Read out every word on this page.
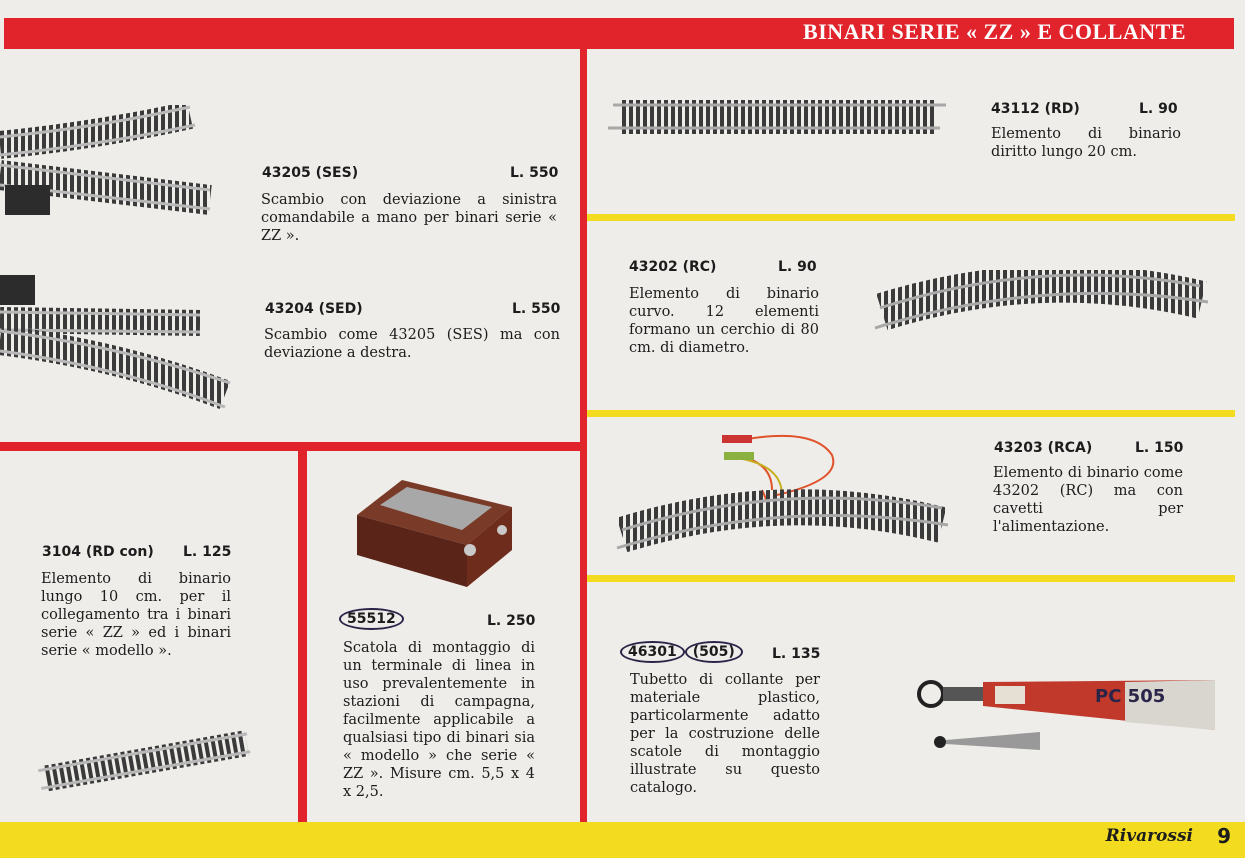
BINARI SERIE « ZZ » E COLLANTE
43205 (SES)	L. 550
Scambio con deviazione a sinistra comandabile a mano per binari serie « ZZ ».
43204 (SED)	L. 550
Scambio come 43205 (SES) ma con deviazione a destra.
3104 (RD con) L. 125
Elemento di binario lungo 10 cm. per il collegamento tra i binari serie « ZZ » ed i binari serie « modello ».
55512	L. 250
Scatola di montaggio di un terminale di linea in uso prevalentemente in stazioni di campagna, facilmente applicabile a qualsiasi tipo di binari sia « modello » che serie « ZZ ». Misure cm. 5,5 x 4 x 2,5.
43112 (RD)	L. 90
Elemento di binario diritto lungo 20 cm.
43202 (RC)	L. 90
Elemento di binario curvo. 12 elementi formano un cerchio di 80 cm. di diametro.
43203 (RCA)	L. 150
Elemento di binario come 43202 (RC) ma con cavetti per l'alimentazione.
46301 (505)	L. 135
Tubetto di collante per materiale plastico, particolarmente adatto per la costruzione delle scatole di montaggio illustrate su questo catalogo.
PC 505
Rivarossi 9
